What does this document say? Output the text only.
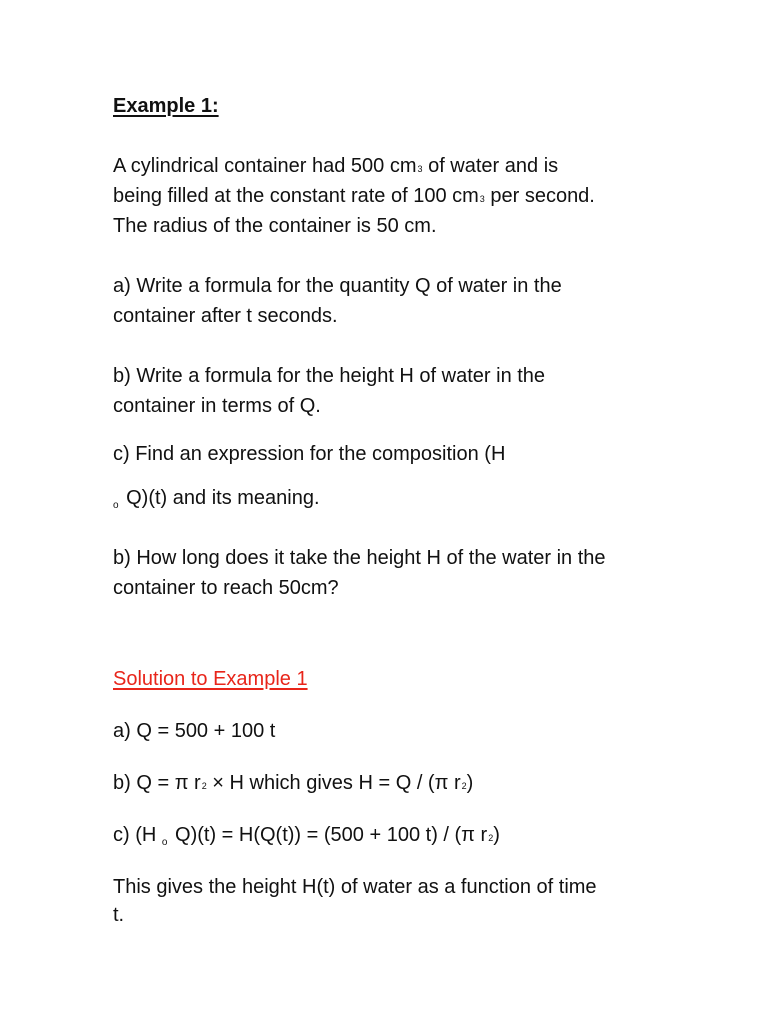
Example 1:

A cylindrical container had 500 $cm^3$ of water and is

being filled at the constant rate of 100 $cm^3$ per second.

The radius of the container is 50 cm.

a) Write a formula for the quantity Q of water in the

container after t seconds.

b) Write a formula for the height H of water in the

container in terms of Q.

c) Find an expression for the composition (H

$_o$ Q)(t) and its meaning.

b) How long does it take the height H of the water in the

container to reach 50cm?

Solution to Example 1

a) Q = 500 + 100 t

b) Q = π $r^2 \times H$ which gives H = Q / (π $r^2$)

c) (H $_o$ Q)(t) = H(Q(t)) = (500 + 100 t) / (π $r^2$)

This gives the height H(t) of water as a function of time

t.
